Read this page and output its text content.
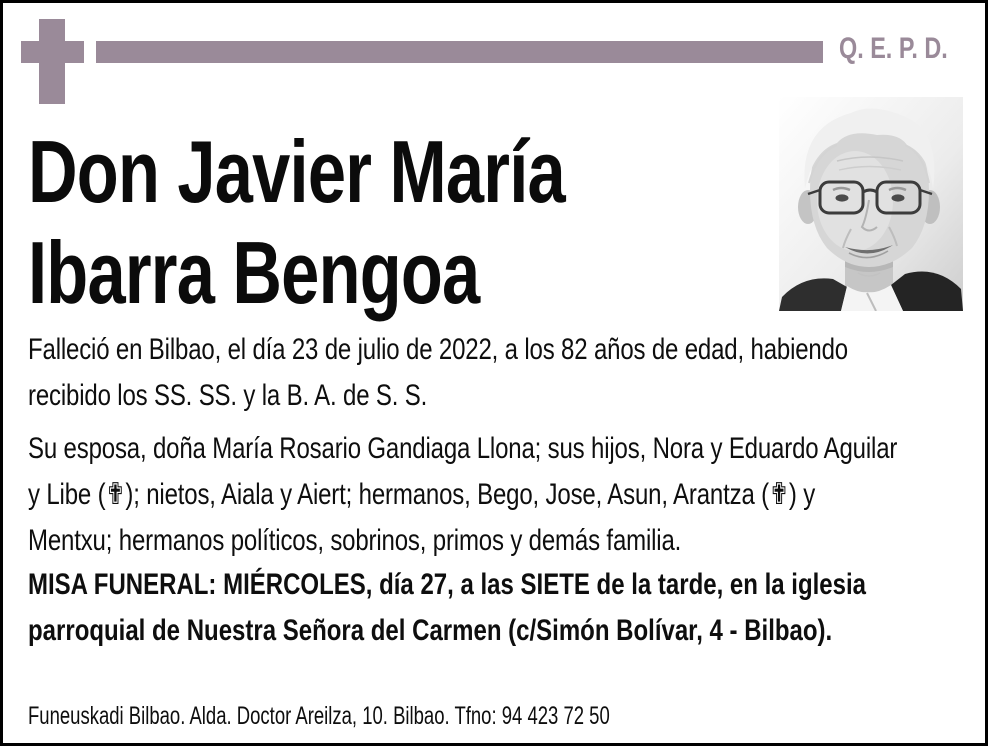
Q. E. P. D.
Don Javier María
Ibarra Bengoa
Falleció en Bilbao, el día 23 de julio de 2022, a los 82 años de edad, habiendo
recibido los SS. SS. y la B. A. de S. S.
Su esposa, doña María Rosario Gandiaga Llona; sus hijos, Nora y Eduardo Aguilar
y Libe (✟); nietos, Aiala y Aiert; hermanos, Bego, Jose, Asun, Arantza (✟) y
Mentxu; hermanos políticos, sobrinos, primos y demás familia.
MISA FUNERAL: MIÉRCOLES, día 27, a las SIETE de la tarde, en la iglesia
parroquial de Nuestra Señora del Carmen (c/Simón Bolívar, 4 - Bilbao).
Funeuskadi Bilbao. Alda. Doctor Areilza, 10. Bilbao. Tfno: 94 423 72 50
